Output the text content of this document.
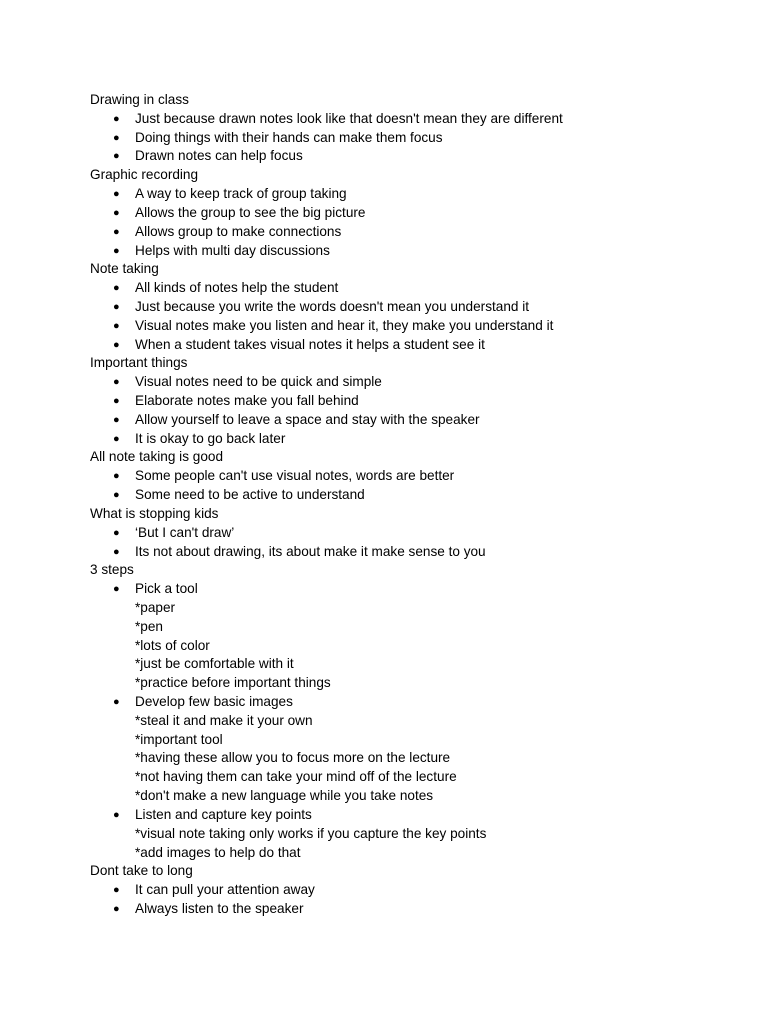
Drawing in class
● Just because drawn notes look like that doesn't mean they are different
● Doing things with their hands can make them focus
● Drawn notes can help focus
Graphic recording
● A way to keep track of group taking
● Allows the group to see the big picture
● Allows group to make connections
● Helps with multi day discussions
Note taking
● All kinds of notes help the student
● Just because you write the words doesn't mean you understand it
● Visual notes make you listen and hear it, they make you understand it
● When a student takes visual notes it helps a student see it
Important things
● Visual notes need to be quick and simple
● Elaborate notes make you fall behind
● Allow yourself to leave a space and stay with the speaker
● It is okay to go back later
All note taking is good
● Some people can't use visual notes, words are better
● Some need to be active to understand
What is stopping kids
● ‘But I can't draw’
● Its not about drawing, its about make it make sense to you
3 steps
● Pick a tool
*paper
*pen
*lots of color
*just be comfortable with it
*practice before important things
● Develop few basic images
*steal it and make it your own
*important tool
*having these allow you to focus more on the lecture
*not having them can take your mind off of the lecture
*don't make a new language while you take notes
● Listen and capture key points
*visual note taking only works if you capture the key points
*add images to help do that
Dont take to long
● It can pull your attention away
● Always listen to the speaker
